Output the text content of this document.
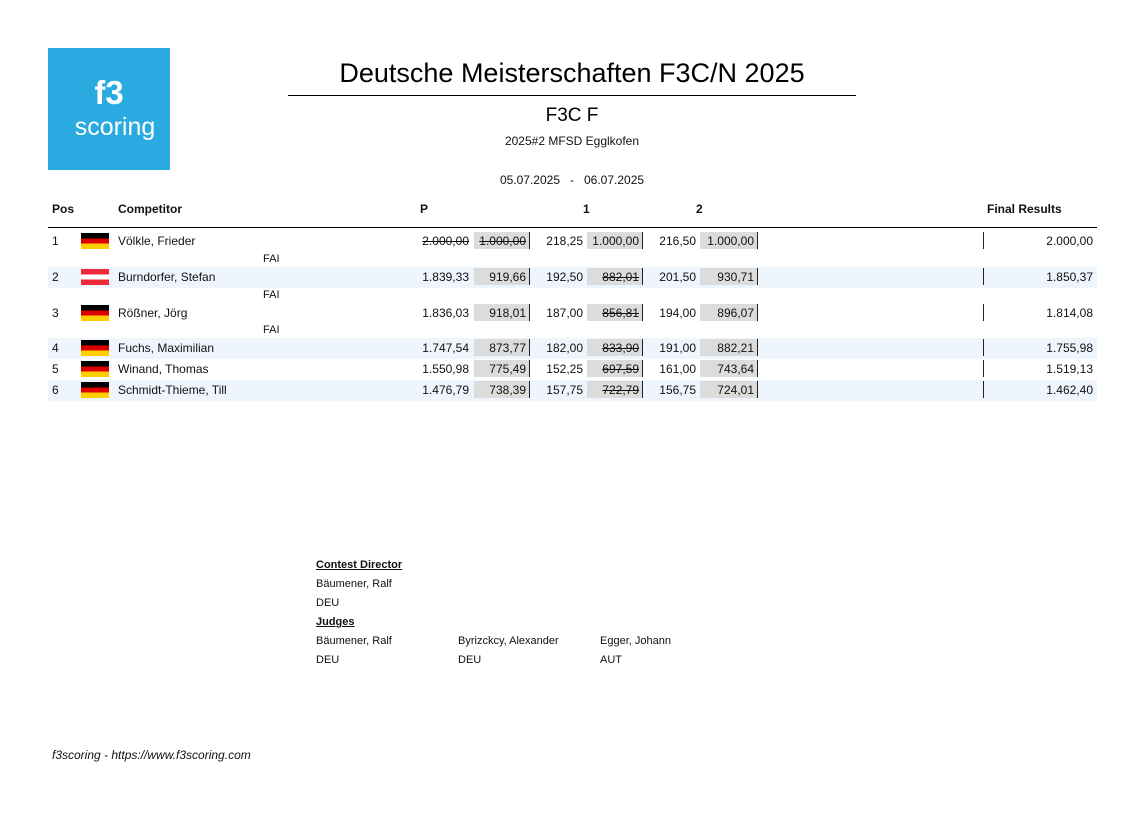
f3
scoring
Deutsche Meisterschaften F3C/N 2025
F3C F
2025#2 MFSD Egglkofen
05.07.2025   -   06.07.2025
Pos	Competitor	P	1	2	Final Results
1	Völkle, Frieder	2.000,00 1.000,00	218,25 1.000,00	216,50 1.000,00	2.000,00
FAI
2	Burndorfer, Stefan	1.839,33	919,66	192,50	882,01	201,50	930,71	1.850,37
FAI
3	Rößner, Jörg	1.836,03	918,01	187,00	856,81	194,00	896,07	1.814,08
FAI
4	Fuchs, Maximilian	1.747,54	873,77	182,00	833,90	191,00	882,21	1.755,98
5	Winand, Thomas	1.550,98	775,49	152,25	697,59	161,00	743,64	1.519,13
6	Schmidt-Thieme, Till	1.476,79	738,39	157,75	722,79	156,75	724,01	1.462,40
Contest Director
Bäumener, Ralf
DEU
Judges
Bäumener, Ralf
DEU
Byrizckcy, Alexander
DEU
Egger, Johann
AUT
f3scoring - https://www.f3scoring.com
